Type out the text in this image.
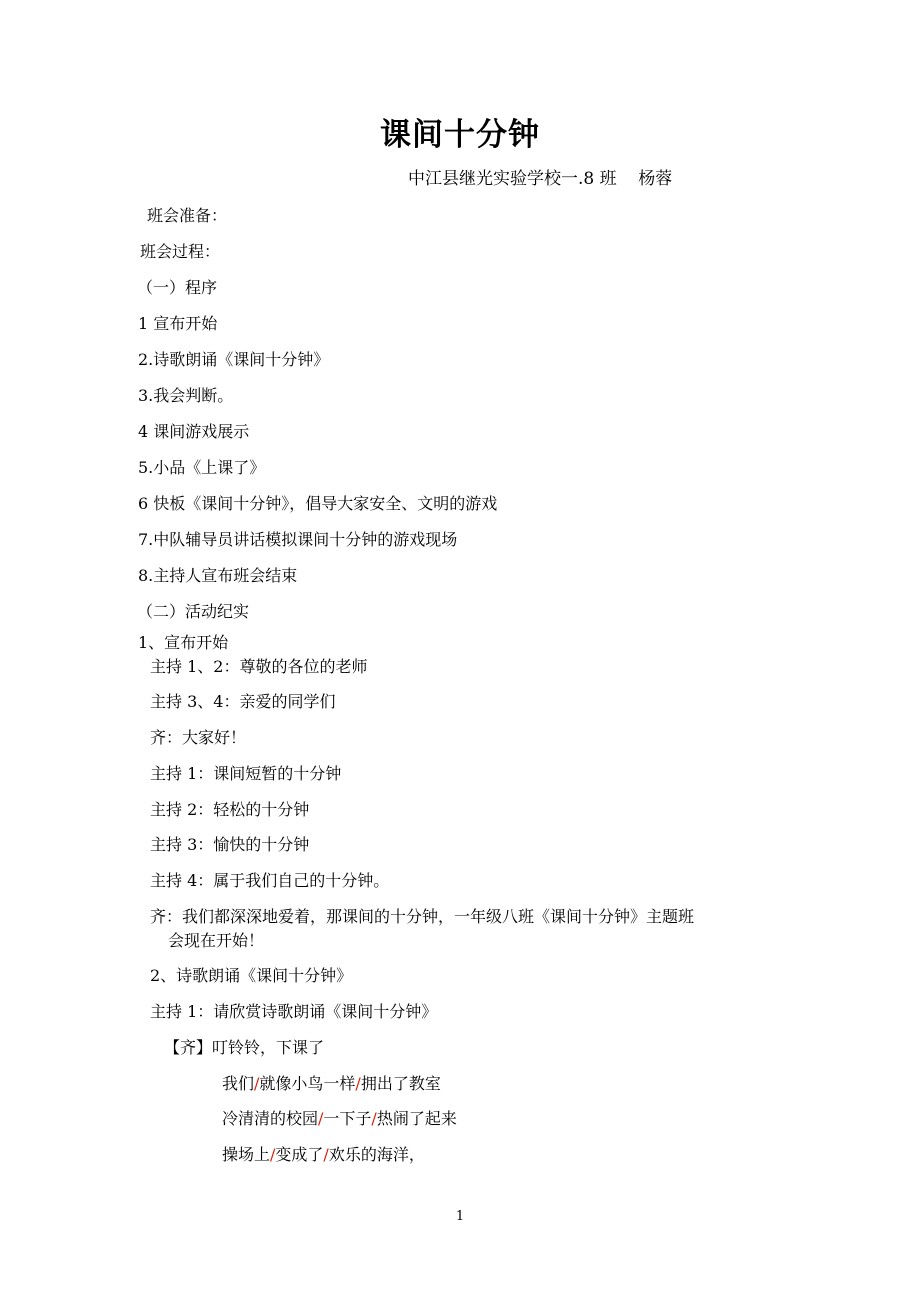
课间十分钟
中江县继光实验学校一.8 班    杨蓉
班会准备：
班会过程：
（一）程序
1 宣布开始
2.诗歌朗诵《课间十分钟》
3.我会判断。
4 课间游戏展示
5.小品《上课了》
6 快板《课间十分钟》，倡导大家安全、文明的游戏
7.中队辅导员讲话模拟课间十分钟的游戏现场
8.主持人宣布班会结束
（二）活动纪实
1、宣布开始
主持 1、2：尊敬的各位的老师
主持 3、4：亲爱的同学们
齐：大家好！
主持 1：课间短暂的十分钟
主持 2：轻松的十分钟
主持 3：愉快的十分钟
主持 4：属于我们自己的十分钟。
齐：我们都深深地爱着，那课间的十分钟，一年级八班《课间十分钟》主题班
会现在开始！
2、诗歌朗诵《课间十分钟》
主持 1：请欣赏诗歌朗诵《课间十分钟》
【齐】叮铃铃，下课了
我们/就像小鸟一样/拥出了教室
冷清清的校园/一下子/热闹了起来
操场上/变成了/欢乐的海洋，
1
